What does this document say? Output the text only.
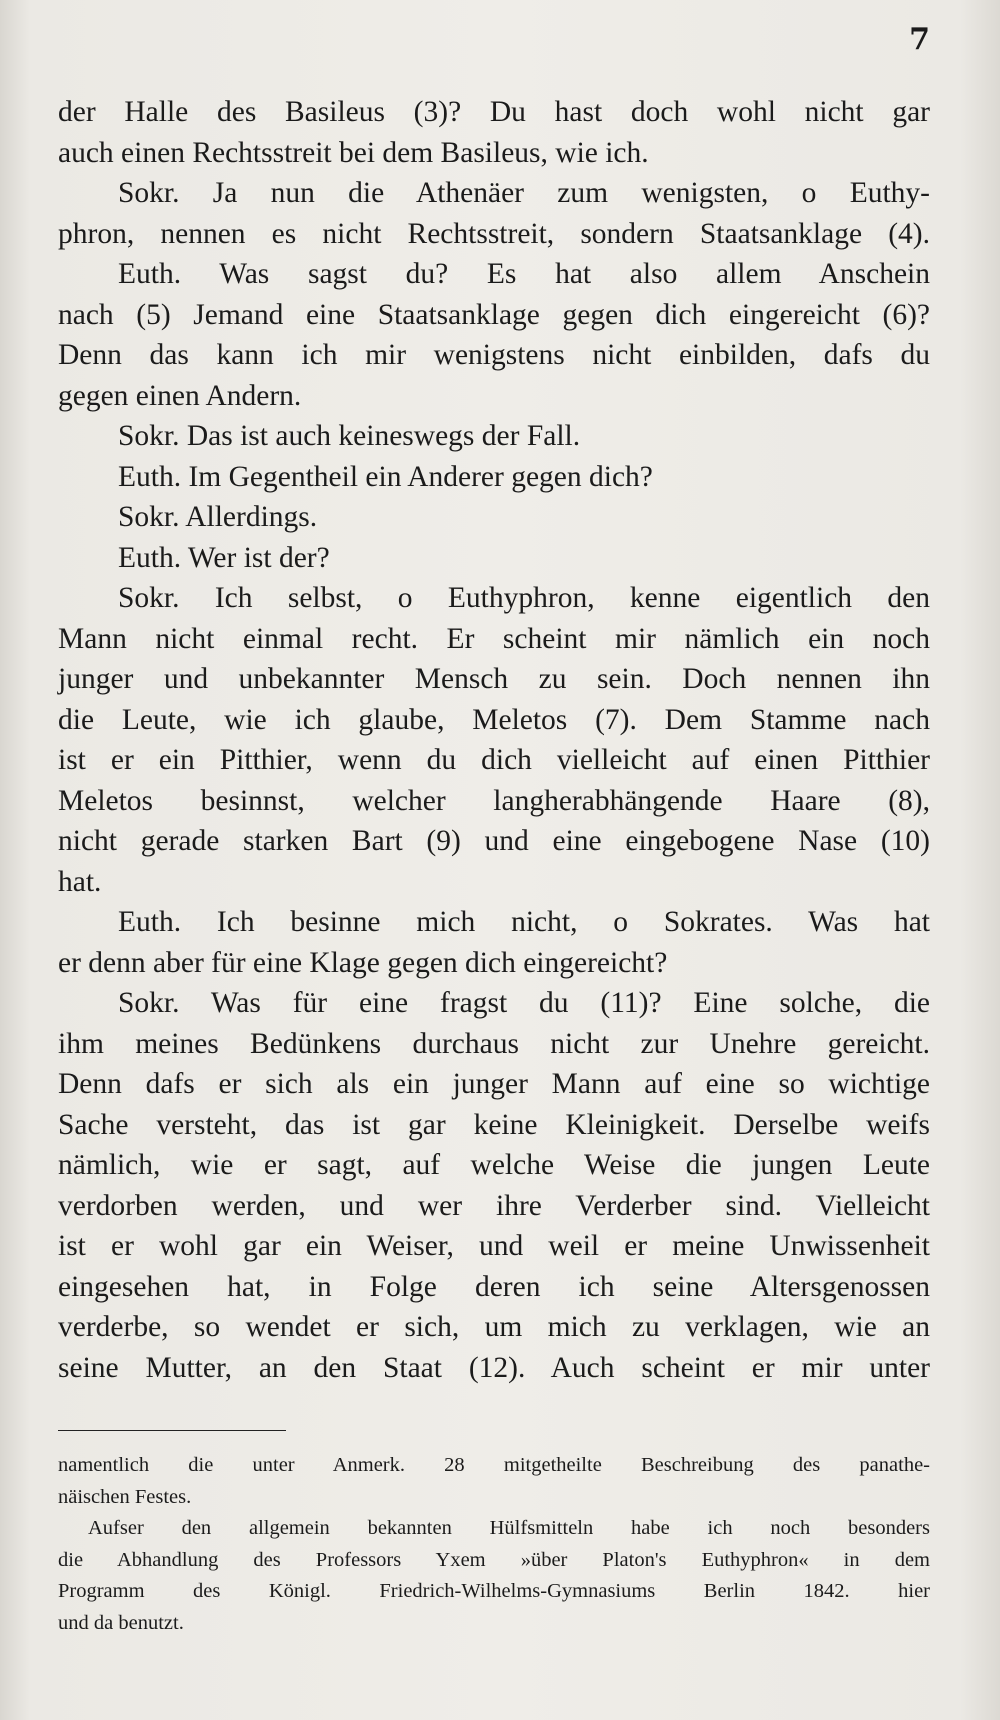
7
der Halle des Basileus (3)? Du hast doch wohl nicht gar
auch einen Rechtsstreit bei dem Basileus, wie ich.
Sokr. Ja nun die Athenäer zum wenigsten, o Euthy-
phron, nennen es nicht Rechtsstreit, sondern Staatsanklage (4).
Euth. Was sagst du? Es hat also allem Anschein
nach (5) Jemand eine Staatsanklage gegen dich eingereicht (6)?
Denn das kann ich mir wenigstens nicht einbilden, dafs du
gegen einen Andern.
Sokr. Das ist auch keineswegs der Fall.
Euth. Im Gegentheil ein Anderer gegen dich?
Sokr. Allerdings.
Euth. Wer ist der?
Sokr. Ich selbst, o Euthyphron, kenne eigentlich den
Mann nicht einmal recht. Er scheint mir nämlich ein noch
junger und unbekannter Mensch zu sein. Doch nennen ihn
die Leute, wie ich glaube, Meletos (7). Dem Stamme nach
ist er ein Pitthier, wenn du dich vielleicht auf einen Pitthier
Meletos besinnst, welcher langherabhängende Haare (8),
nicht gerade starken Bart (9) und eine eingebogene Nase (10)
hat.
Euth. Ich besinne mich nicht, o Sokrates. Was hat
er denn aber für eine Klage gegen dich eingereicht?
Sokr. Was für eine fragst du (11)? Eine solche, die
ihm meines Bedünkens durchaus nicht zur Unehre gereicht.
Denn dafs er sich als ein junger Mann auf eine so wichtige
Sache versteht, das ist gar keine Kleinigkeit. Derselbe weifs
nämlich, wie er sagt, auf welche Weise die jungen Leute
verdorben werden, und wer ihre Verderber sind. Vielleicht
ist er wohl gar ein Weiser, und weil er meine Unwissenheit
eingesehen hat, in Folge deren ich seine Altersgenossen
verderbe, so wendet er sich, um mich zu verklagen, wie an
seine Mutter, an den Staat (12). Auch scheint er mir unter
namentlich die unter Anmerk. 28 mitgetheilte Beschreibung des panathe-
näischen Festes.
Aufser den allgemein bekannten Hülfsmitteln habe ich noch besonders
die Abhandlung des Professors Yxem »über Platon's Euthyphron« in dem
Programm des Königl. Friedrich-Wilhelms-Gymnasiums Berlin 1842. hier
und da benutzt.
